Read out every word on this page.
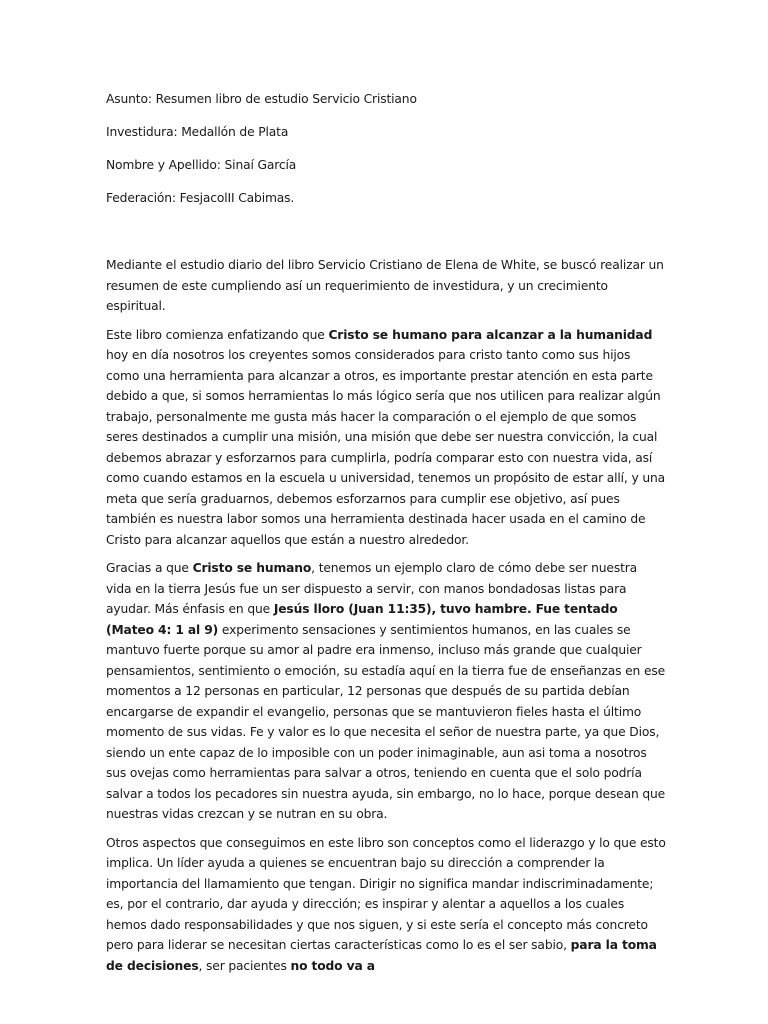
Asunto: Resumen libro de estudio Servicio Cristiano

Investidura: Medallón de Plata

Nombre y Apellido: Sinaí García

Federación: FesjacolII Cabimas.

Mediante el estudio diario del libro Servicio Cristiano de Elena de White, se buscó realizar un resumen de este cumpliendo así un requerimiento de investidura, y un crecimiento espiritual.

Este libro comienza enfatizando que Cristo se humano para alcanzar a la humanidad hoy en día nosotros los creyentes somos considerados para cristo tanto como sus hijos como una herramienta para alcanzar a otros, es importante prestar atención en esta parte debido a que, si somos herramientas lo más lógico sería que nos utilicen para realizar algún trabajo, personalmente me gusta más hacer la comparación o el ejemplo de que somos seres destinados a cumplir una misión, una misión que debe ser nuestra convicción, la cual debemos abrazar y esforzarnos para cumplirla, podría comparar esto con nuestra vida, así como cuando estamos en la escuela u universidad, tenemos un propósito de estar allí, y una meta que sería graduarnos, debemos esforzarnos para cumplir ese objetivo, así pues también es nuestra labor somos una herramienta destinada hacer usada en el camino de Cristo para alcanzar aquellos que están a nuestro alrededor.

Gracias a que Cristo se humano, tenemos un ejemplo claro de cómo debe ser nuestra vida en la tierra Jesús fue un ser dispuesto a servir, con manos bondadosas listas para ayudar. Más énfasis en que Jesús lloro (Juan 11:35), tuvo hambre. Fue tentado (Mateo 4: 1 al 9) experimento sensaciones y sentimientos humanos, en las cuales se mantuvo fuerte porque su amor al padre era inmenso, incluso más grande que cualquier pensamientos, sentimiento o emoción, su estadía aquí en la tierra fue de enseñanzas en ese momentos a 12 personas en particular, 12 personas que después de su partida debían encargarse de expandir el evangelio, personas que se mantuvieron fieles hasta el último momento de sus vidas. Fe y valor es lo que necesita el señor de nuestra parte, ya que Dios, siendo un ente capaz de lo imposible con un poder inimaginable, aun asi toma a nosotros sus ovejas como herramientas para salvar a otros, teniendo en cuenta que el solo podría salvar a todos los pecadores sin nuestra ayuda, sin embargo, no lo hace, porque desean que nuestras vidas crezcan y se nutran en su obra.

Otros aspectos que conseguimos en este libro son conceptos como el liderazgo y lo que esto implica. Un líder ayuda a quienes se encuentran bajo su dirección a comprender la importancia del llamamiento que tengan. Dirigir no significa mandar indiscriminadamente; es, por el contrario, dar ayuda y dirección; es inspirar y alentar a aquellos a los cuales hemos dado responsabilidades y que nos siguen, y si este sería el concepto más concreto pero para liderar se necesitan ciertas características como lo es el ser sabio, para la toma de decisiones, ser pacientes no todo va a
